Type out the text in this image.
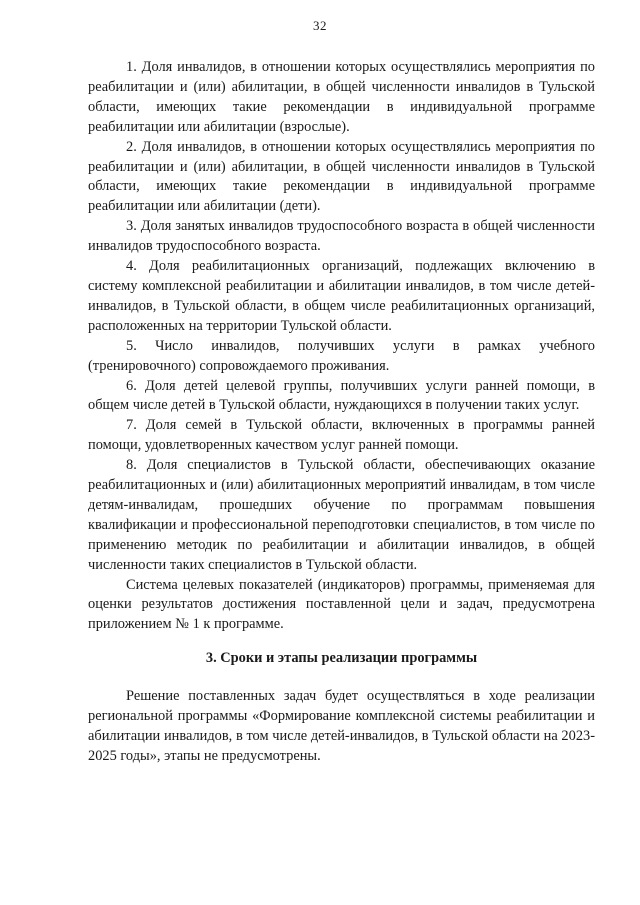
32

1. Доля инвалидов, в отношении которых осуществлялись мероприятия по реабилитации и (или) абилитации, в общей численности инвалидов в Тульской области, имеющих такие рекомендации в индивидуальной программе реабилитации или абилитации (взрослые).

2. Доля инвалидов, в отношении которых осуществлялись мероприятия по реабилитации и (или) абилитации, в общей численности инвалидов в Тульской области, имеющих такие рекомендации в индивидуальной программе реабилитации или абилитации (дети).

3. Доля занятых инвалидов трудоспособного возраста в общей численности инвалидов трудоспособного возраста.

4. Доля реабилитационных организаций, подлежащих включению в систему комплексной реабилитации и абилитации инвалидов, в том числе детей-инвалидов, в Тульской области, в общем числе реабилитационных организаций, расположенных на территории Тульской области.

5. Число инвалидов, получивших услуги в рамках учебного (тренировочного) сопровождаемого проживания.

6. Доля детей целевой группы, получивших услуги ранней помощи, в общем числе детей в Тульской области, нуждающихся в получении таких услуг.

7. Доля семей в Тульской области, включенных в программы ранней помощи, удовлетворенных качеством услуг ранней помощи.

8. Доля специалистов в Тульской области, обеспечивающих оказание реабилитационных и (или) абилитационных мероприятий инвалидам, в том числе детям-инвалидам, прошедших обучение по программам повышения квалификации и профессиональной переподготовки специалистов, в том числе по применению методик по реабилитации и абилитации инвалидов, в общей численности таких специалистов в Тульской области.

Система целевых показателей (индикаторов) программы, применяемая для оценки результатов достижения поставленной цели и задач, предусмотрена приложением № 1 к программе.

3. Сроки и этапы реализации программы

Решение поставленных задач будет осуществляться в ходе реализации региональной программы «Формирование комплексной системы реабилитации и абилитации инвалидов, в том числе детей-инвалидов, в Тульской области на 2023-2025 годы», этапы не предусмотрены.
